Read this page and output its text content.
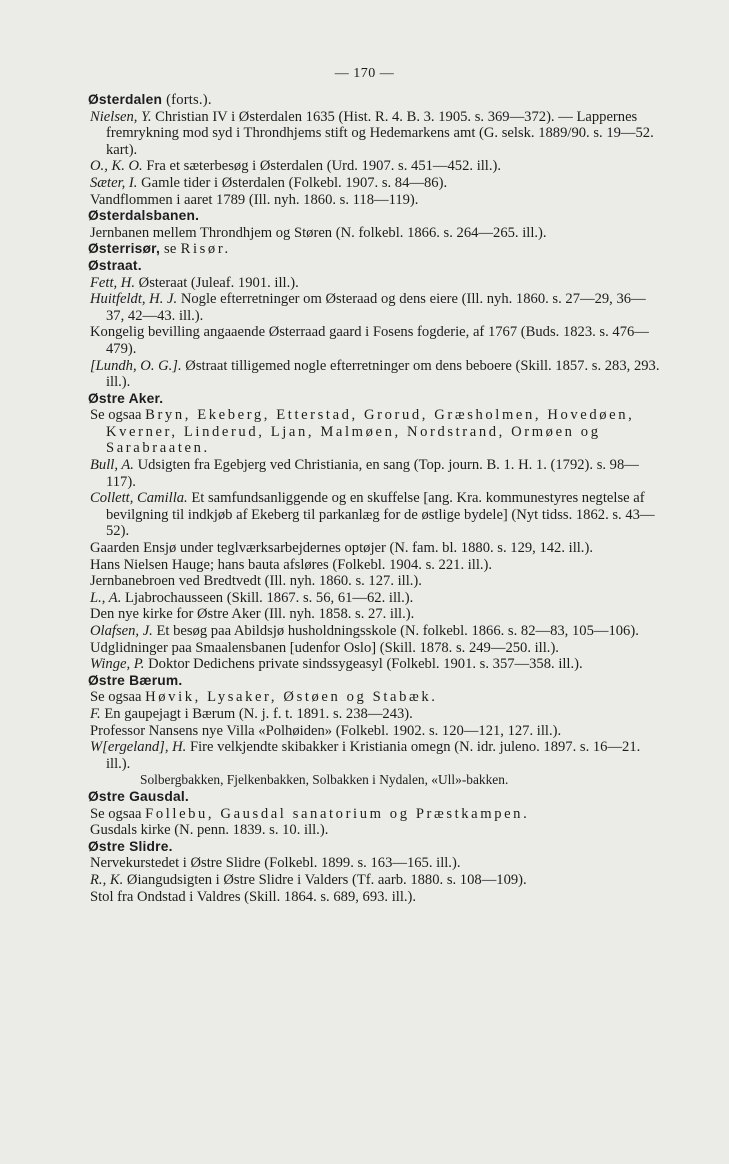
— 170 —
Østerdalen (forts.).

Nielsen, Y. Christian IV i Østerdalen 1635 (Hist. R. 4. B. 3. 1905. s. 369—372). — Lappernes fremrykning mod syd i Throndhjems stift og Hedemarkens amt (G. selsk. 1889/90. s. 19—52. kart).

O., K. O. Fra et sæterbesøg i Østerdalen (Urd. 1907. s. 451—452. ill.).

Sæter, I. Gamle tider i Østerdalen (Folkebl. 1907. s. 84—86).

Vandflommen i aaret 1789 (Ill. nyh. 1860. s. 118—119).

Østerdalsbanen.

Jernbanen mellem Throndhjem og Støren (N. folkebl. 1866. s. 264—265. ill.).

Østerrisør, se Risør.
Østraat.

Fett, H. Østeraat (Juleaf. 1901. ill.).

Huitfeldt, H. J. Nogle efterretninger om Østeraad og dens eiere (Ill. nyh. 1860. s. 27—29, 36—37, 42—43. ill.).

Kongelig bevilling angaaende Østerraad gaard i Fosens fogderie, af 1767 (Buds. 1823. s. 476—479).

[Lundh, O. G.]. Østraat tilligemed nogle efterretninger om dens beboere (Skill. 1857. s. 283, 293. ill.).

Østre Aker.

Se ogsaa Bryn, Ekeberg, Etterstad, Grorud, Græsholmen, Hovedøen, Kverner, Linderud, Ljan, Malmøen, Nordstrand, Ormøen og Sarabraaten.

Bull, A. Udsigten fra Egebjerg ved Christiania, en sang (Top. journ. B. 1. H. 1. (1792). s. 98—117).

Collett, Camilla. Et samfundsanliggende og en skuffelse [ang. Kra. kommunestyres negtelse af bevilgning til indkjøb af Ekeberg til parkanlæg for de østlige bydele] (Nyt tidss. 1862. s. 43—52).

Gaarden Ensjø under teglværksarbejdernes optøjer (N. fam. bl. 1880. s. 129, 142. ill.).

Hans Nielsen Hauge; hans bauta afsløres (Folkebl. 1904. s. 221. ill.).

Jernbanebroen ved Bredtvedt (Ill. nyh. 1860. s. 127. ill.).

L., A. Ljabrochausseen (Skill. 1867. s. 56, 61—62. ill.).

Den nye kirke for Østre Aker (Ill. nyh. 1858. s. 27. ill.).

Olafsen, J. Et besøg paa Abildsjø husholdningsskole (N. folkebl. 1866. s. 82—83, 105—106).

Udglidninger paa Smaalensbanen [udenfor Oslo] (Skill. 1878. s. 249—250. ill.).

Winge, P. Doktor Dedichens private sindssygeasyl (Folkebl. 1901. s. 357—358. ill.).

Østre Bærum.

Se ogsaa Høvik, Lysaker, Østøen og Stabæk.

F. En gaupejagt i Bærum (N. j. f. t. 1891. s. 238—243).

Professor Nansens nye Villa «Polhøiden» (Folkebl. 1902. s. 120—121, 127. ill.).

W[ergeland], H. Fire velkjendte skibakker i Kristiania omegn (N. idr. juleno. 1897. s. 16—21. ill.).

Solbergbakken, Fjelkenbakken, Solbakken i Nydalen, «Ull»-bakken.

Østre Gausdal.

Se ogsaa Follebu, Gausdal sanatorium og Præstkampen.

Gusdals kirke (N. penn. 1839. s. 10. ill.).

Østre Slidre.

Nervekurstedet i Østre Slidre (Folkebl. 1899. s. 163—165. ill.).

R., K. Øiangudsigten i Østre Slidre i Valders (Tf. aarb. 1880. s. 108—109).

Stol fra Ondstad i Valdres (Skill. 1864. s. 689, 693. ill.).
